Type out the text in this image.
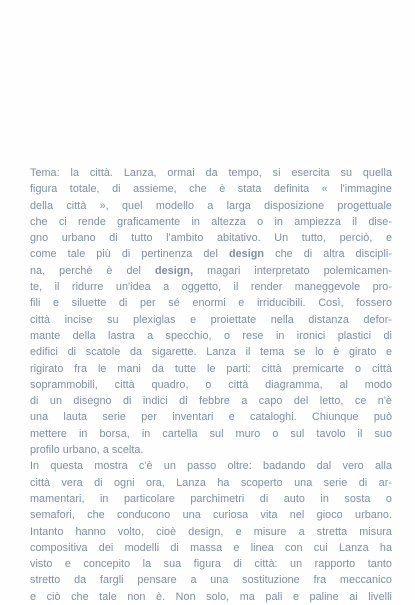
Tema: la città. Lanza, ormai da tempo, si esercita su quella
figura totale, di assieme, che è stata definita « l'immagine
della città », quel modello a larga disposizione progettuale
che ci rende graficamente in altezza o in ampiezza il dise-
gno urbano di tutto l'ambito abitativo. Un tutto, perciò, e
come tale più di pertinenza del design che di altra discipli-
na, perché è del design, magari interpretato polemicamen-
te, il ridurre un'idea a oggetto, il render maneggevole pro-
fili e siluette di per sé enormi e irriducibili. Così, fossero
città incise su plexiglas e proiettate nella distanza defor-
mante della lastra a specchio, o rese in ironici plastici di
edifici di scatole da sigarette. Lanza il tema se lo è girato e
rigirato fra le mani da tutte le parti: città premicarte o città
soprammobili, città quadro, o città diagramma, al modo
di un disegno di indici di febbre a capo del letto, ce n'è
una lauta serie per inventari e cataloghi. Chiunque può
mettere in borsa, in cartella sul muro o sul tavolo il suo
profilo urbano, a scelta.
In questa mostra c'è un passo oltre: badando dal vero alla
città vera di ogni ora, Lanza ha scoperto una serie di ar-
mamentari, in particolare parchimetri di auto in sosta o
semafori, che conducono una curiosa vita nel gioco urbano.
Intanto hanno volto, cioè design, e misure a stretta misura
compositiva dei modelli di massa e linea con cui Lanza ha
visto e concepito la sua figura di città: un rapporto tanto
stretto da fargli pensare a una sostituzione fra meccanico
e ciò che tale non è. Non solo, ma pali e paline ai livelli
